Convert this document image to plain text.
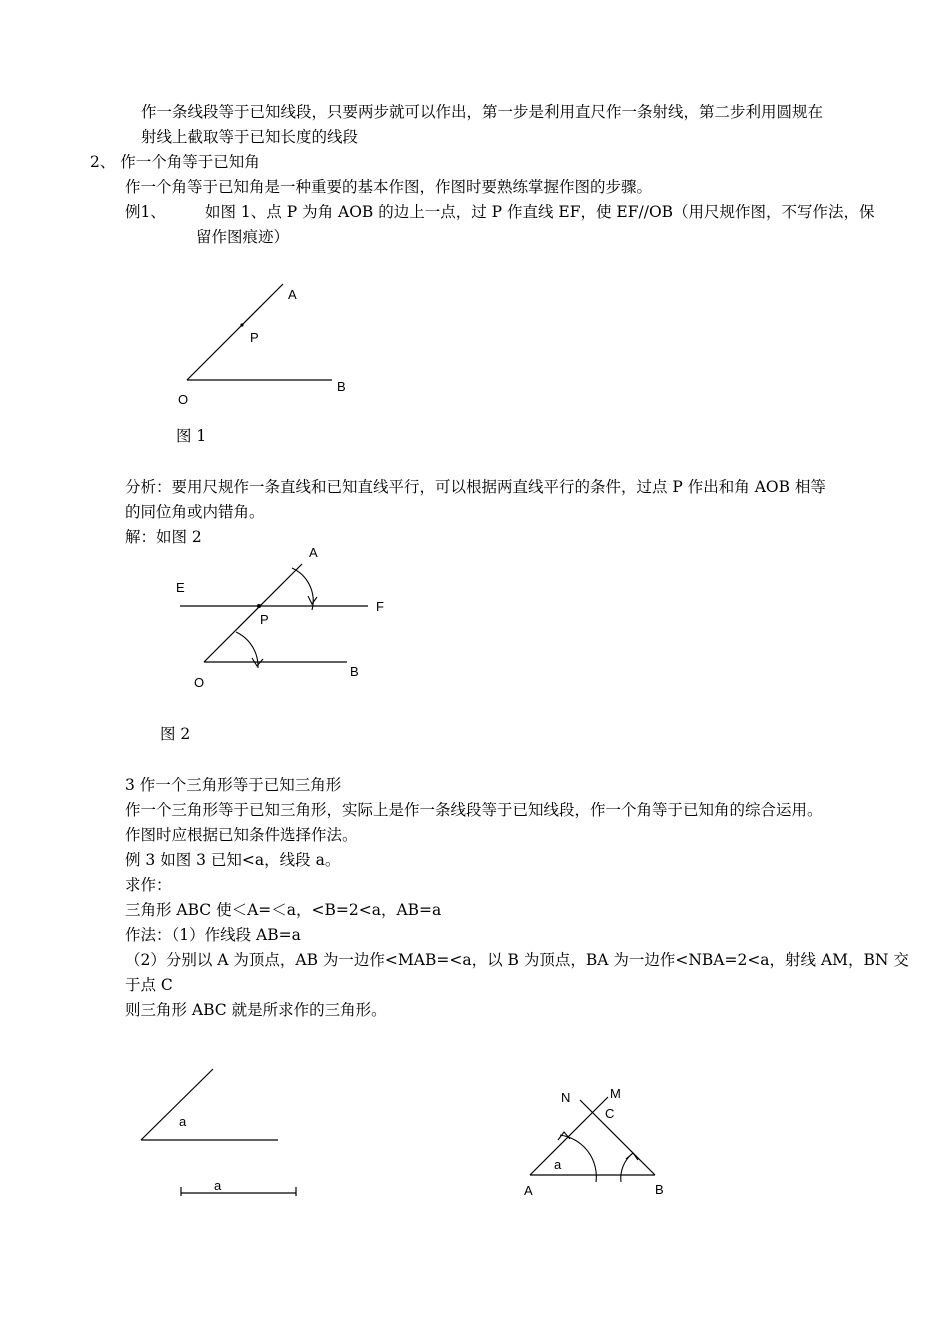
作一条线段等于已知线段，只要两步就可以作出，第一步是利用直尺作一条射线，第二步利用圆规在
射线上截取等于已知长度的线段
2、 作一个角等于已知角
作一个角等于已知角是一种重要的基本作图，作图时要熟练掌握作图的步骤。
例1、	如图 1、点 P 为角 AOB 的边上一点，过 P 作直线 EF，使 EF//OB（用尺规作图，不写作法，保
留作图痕迹）
A
P
O
B
图 1
分析：要用尺规作一条直线和已知直线平行，可以根据两直线平行的条件，过点 P 作出和角 AOB 相等
的同位角或内错角。
解：如图 2
A
E
F
P
O
B
图 2
3 作一个三角形等于已知三角形
作一个三角形等于已知三角形，实际上是作一条线段等于已知线段，作一个角等于已知角的综合运用。
作图时应根据已知条件选择作法。
例 3 如图 3 已知<a，线段 a。
求作：
三角形 ABC 使＜A=＜a，<B=2<a，AB=a
作法：（1）作线段 AB=a
（2）分别以 A 为顶点，AB 为一边作<MAB=<a，以 B 为顶点，BA 为一边作<NBA=2<a，射线 AM，BN 交
于点 C
则三角形 ABC 就是所求作的三角形。
a
a
N	M
C
a
A	B
